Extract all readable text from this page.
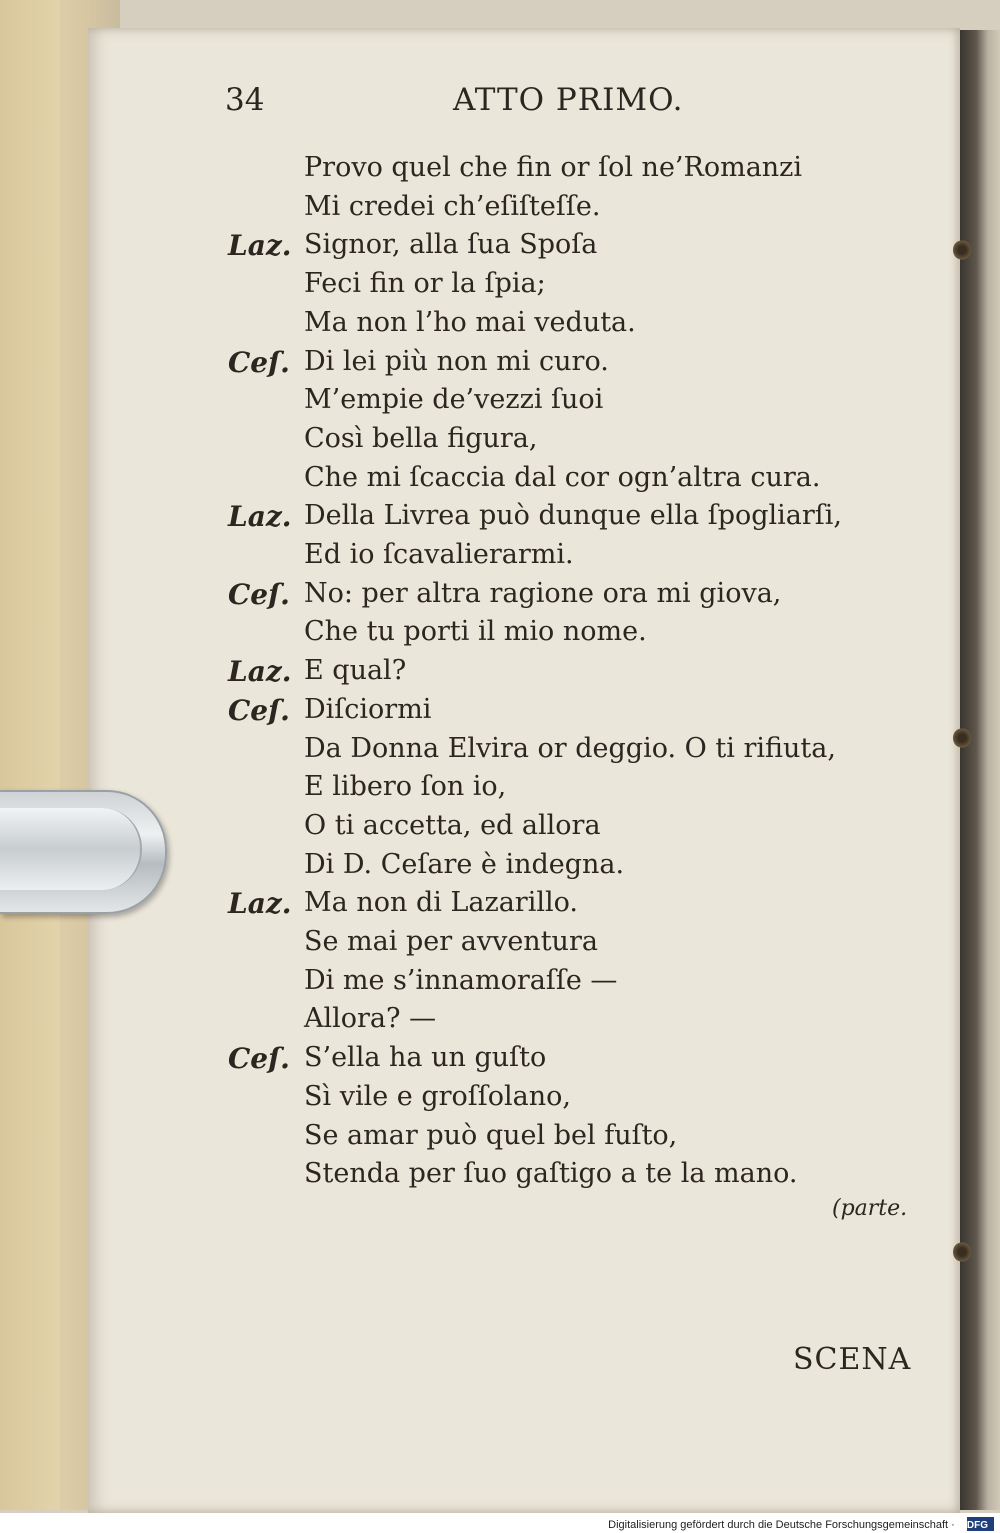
34	ATTO PRIMO.
Provo quel che fin or ſol ne’Romanzi
Mi credei ch’eſiſteſſe.
Laz. Signor, alla ſua Spoſa
Feci fin or la ſpia;
Ma non l’ho mai veduta.
Ceſ. Di lei più non mi curo.
M’empie de’vezzi ſuoi
Così bella figura,
Che mi ſcaccia dal cor ogn’altra cura.
Laz. Della Livrea può dunque ella ſpogliarſi,
Ed io ſcavalierarmi.
Ceſ. No: per altra ragione ora mi giova,
Che tu porti il mio nome.
Laz. E qual?
Ceſ. Diſciormi
Da Donna Elvira or deggio. O ti rifiuta,
E libero ſon io,
O ti accetta, ed allora
Di D. Ceſare è indegna.
Laz. Ma non di Lazarillo.
Se mai per avventura
Di me s’innamoraſſe —
Allora? —
Ceſ. S’ella ha un guſto
Sì vile e groſſolano,
Se amar può quel bel fuſto,
Stenda per ſuo gaſtigo a te la mano.
(parte.
SCENA
Digitalisierung gefördert durch die Deutsche Forschungsgemeinschaft · DFG
